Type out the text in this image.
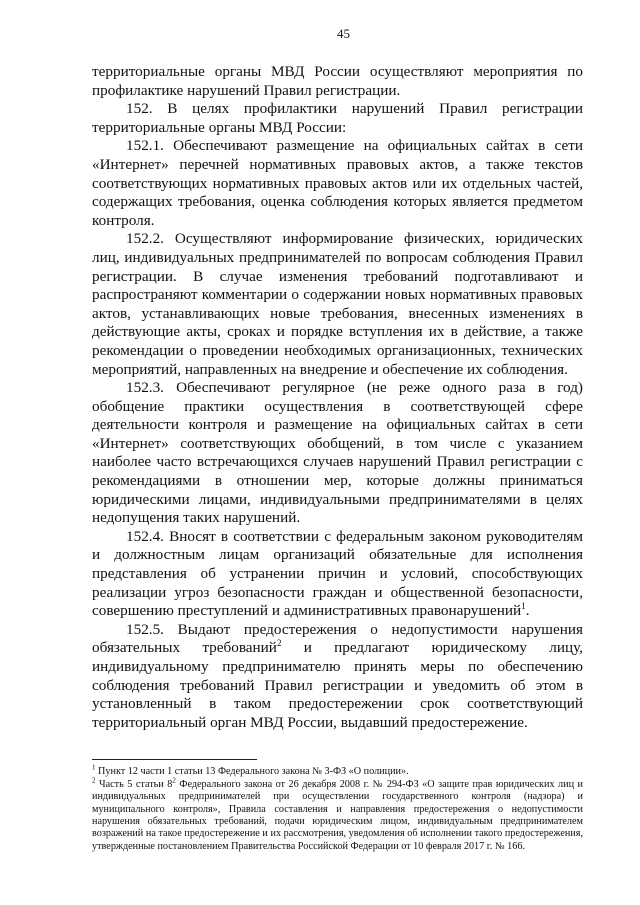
45

территориальные органы МВД России осуществляют мероприятия по профилактике нарушений Правил регистрации.

152. В целях профилактики нарушений Правил регистрации территориальные органы МВД России:

152.1. Обеспечивают размещение на официальных сайтах в сети «Интернет» перечней нормативных правовых актов, а также текстов соответствующих нормативных правовых актов или их отдельных частей, содержащих требования, оценка соблюдения которых является предметом контроля.

152.2. Осуществляют информирование физических, юридических лиц, индивидуальных предпринимателей по вопросам соблюдения Правил регистрации. В случае изменения требований подготавливают и распространяют комментарии о содержании новых нормативных правовых актов, устанавливающих новые требования, внесенных изменениях в действующие акты, сроках и порядке вступления их в действие, а также рекомендации о проведении необходимых организационных, технических мероприятий, направленных на внедрение и обеспечение их соблюдения.

152.3. Обеспечивают регулярное (не реже одного раза в год) обобщение практики осуществления в соответствующей сфере деятельности контроля и размещение на официальных сайтах в сети «Интернет» соответствующих обобщений, в том числе с указанием наиболее часто встречающихся случаев нарушений Правил регистрации с рекомендациями в отношении мер, которые должны приниматься юридическими лицами, индивидуальными предпринимателями в целях недопущения таких нарушений.

152.4. Вносят в соответствии с федеральным законом руководителям и должностным лицам организаций обязательные для исполнения представления об устранении причин и условий, способствующих реализации угроз безопасности граждан и общественной безопасности, совершению преступлений и административных правонарушений$^1$.

152.5. Выдают предостережения о недопустимости нарушения обязательных требований$^2$ и предлагают юридическому лицу, индивидуальному предпринимателю принять меры по обеспечению соблюдения требований Правил регистрации и уведомить об этом в установленный в таком предостережении срок соответствующий территориальный орган МВД России, выдавший предостережение.

$^1$ Пункт 12 части 1 статьи 13 Федерального закона № 3-ФЗ «О полиции».

$^2$ Часть 5 статьи $8^2$ Федерального закона от 26 декабря 2008 г. № 294-ФЗ «О защите прав юридических лиц и индивидуальных предпринимателей при осуществлении государственного контроля (надзора) и муниципального контроля», Правила составления и направления предостережения о недопустимости нарушения обязательных требований, подачи юридическим лицом, индивидуальным предпринимателем возражений на такое предостережение и их рассмотрения, уведомления об исполнении такого предостережения, утвержденные постановлением Правительства Российской Федерации от 10 февраля 2017 г. № 166.
